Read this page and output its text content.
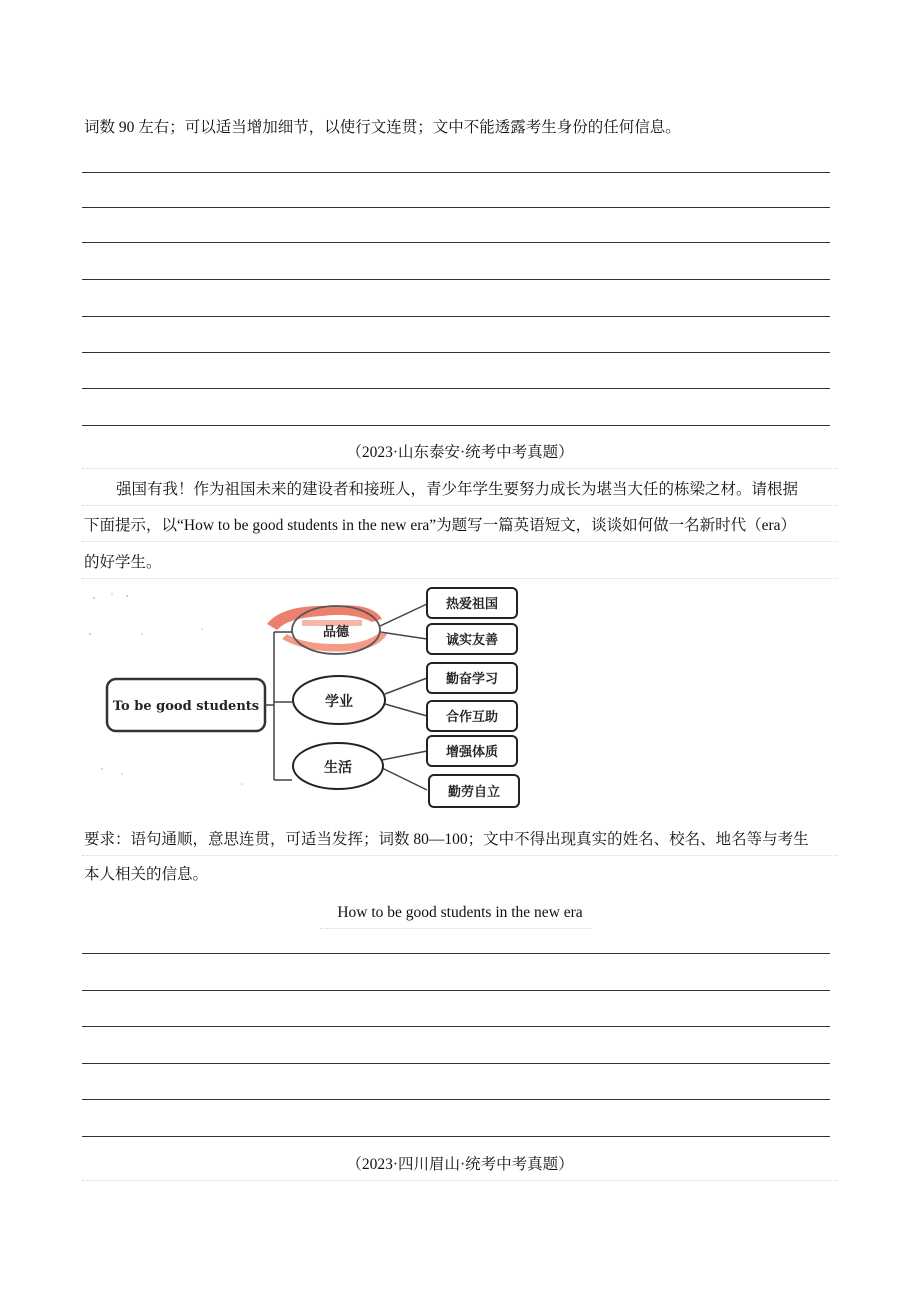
词数 90 左右；可以适当增加细节，以使行文连贯；文中不能透露考生身份的任何信息。
（2023·山东泰安·统考中考真题）
强国有我！作为祖国未来的建设者和接班人，青少年学生要努力成长为堪当大任的栋梁之材。请根据
下面提示，以“How to be good students in the new era”为题写一篇英语短文，谈谈如何做一名新时代（era）
的好学生。
To be good students
品德
学业
生活
热爱祖国
诚实友善
勤奋学习
合作互助
增强体质
勤劳自立
要求：语句通顺，意思连贯，可适当发挥；词数 80—100；文中不得出现真实的姓名、校名、地名等与考生
本人相关的信息。
How to be good students in the new era
（2023·四川眉山·统考中考真题）
